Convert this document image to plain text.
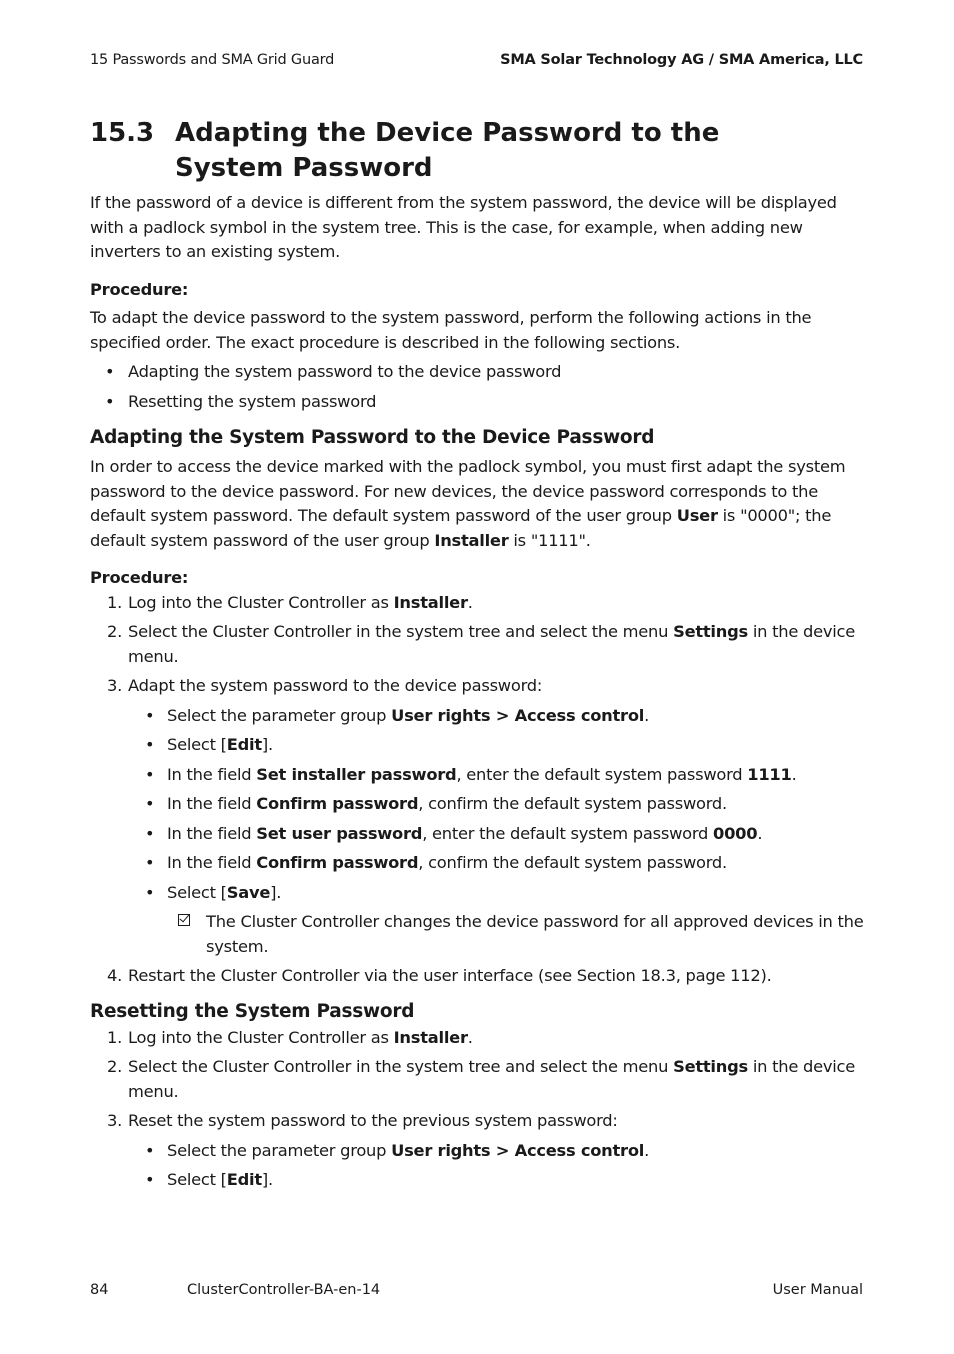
15 Passwords and SMA Grid Guard	SMA Solar Technology AG / SMA America, LLC
15.3 Adapting the Device Password to the System Password

If the password of a device is different from the system password, the device will be displayed with a padlock symbol in the system tree. This is the case, for example, when adding new inverters to an existing system.

Procedure:

To adapt the device password to the system password, perform the following actions in the specified order. The exact procedure is described in the following sections.

• Adapting the system password to the device password
• Resetting the system password

Adapting the System Password to the Device Password

In order to access the device marked with the padlock symbol, you must first adapt the system password to the device password. For new devices, the device password corresponds to the default system password. The default system password of the user group User is "0000"; the default system password of the user group Installer is "1111".

Procedure:

1. Log into the Cluster Controller as Installer.
2. Select the Cluster Controller in the system tree and select the menu Settings in the device menu.
3. Adapt the system password to the device password:
• Select the parameter group User rights > Access control.
• Select [Edit].
• In the field Set installer password, enter the default system password 1111.
• In the field Confirm password, confirm the default system password.
• In the field Set user password, enter the default system password 0000.
• In the field Confirm password, confirm the default system password.
• Select [Save].
The Cluster Controller changes the device password for all approved devices in the system.
4. Restart the Cluster Controller via the user interface (see Section 18.3, page 112).

Resetting the System Password

1. Log into the Cluster Controller as Installer.
2. Select the Cluster Controller in the system tree and select the menu Settings in the device menu.
3. Reset the system password to the previous system password:
• Select the parameter group User rights > Access control.
• Select [Edit].
84	ClusterController-BA-en-14	User Manual
